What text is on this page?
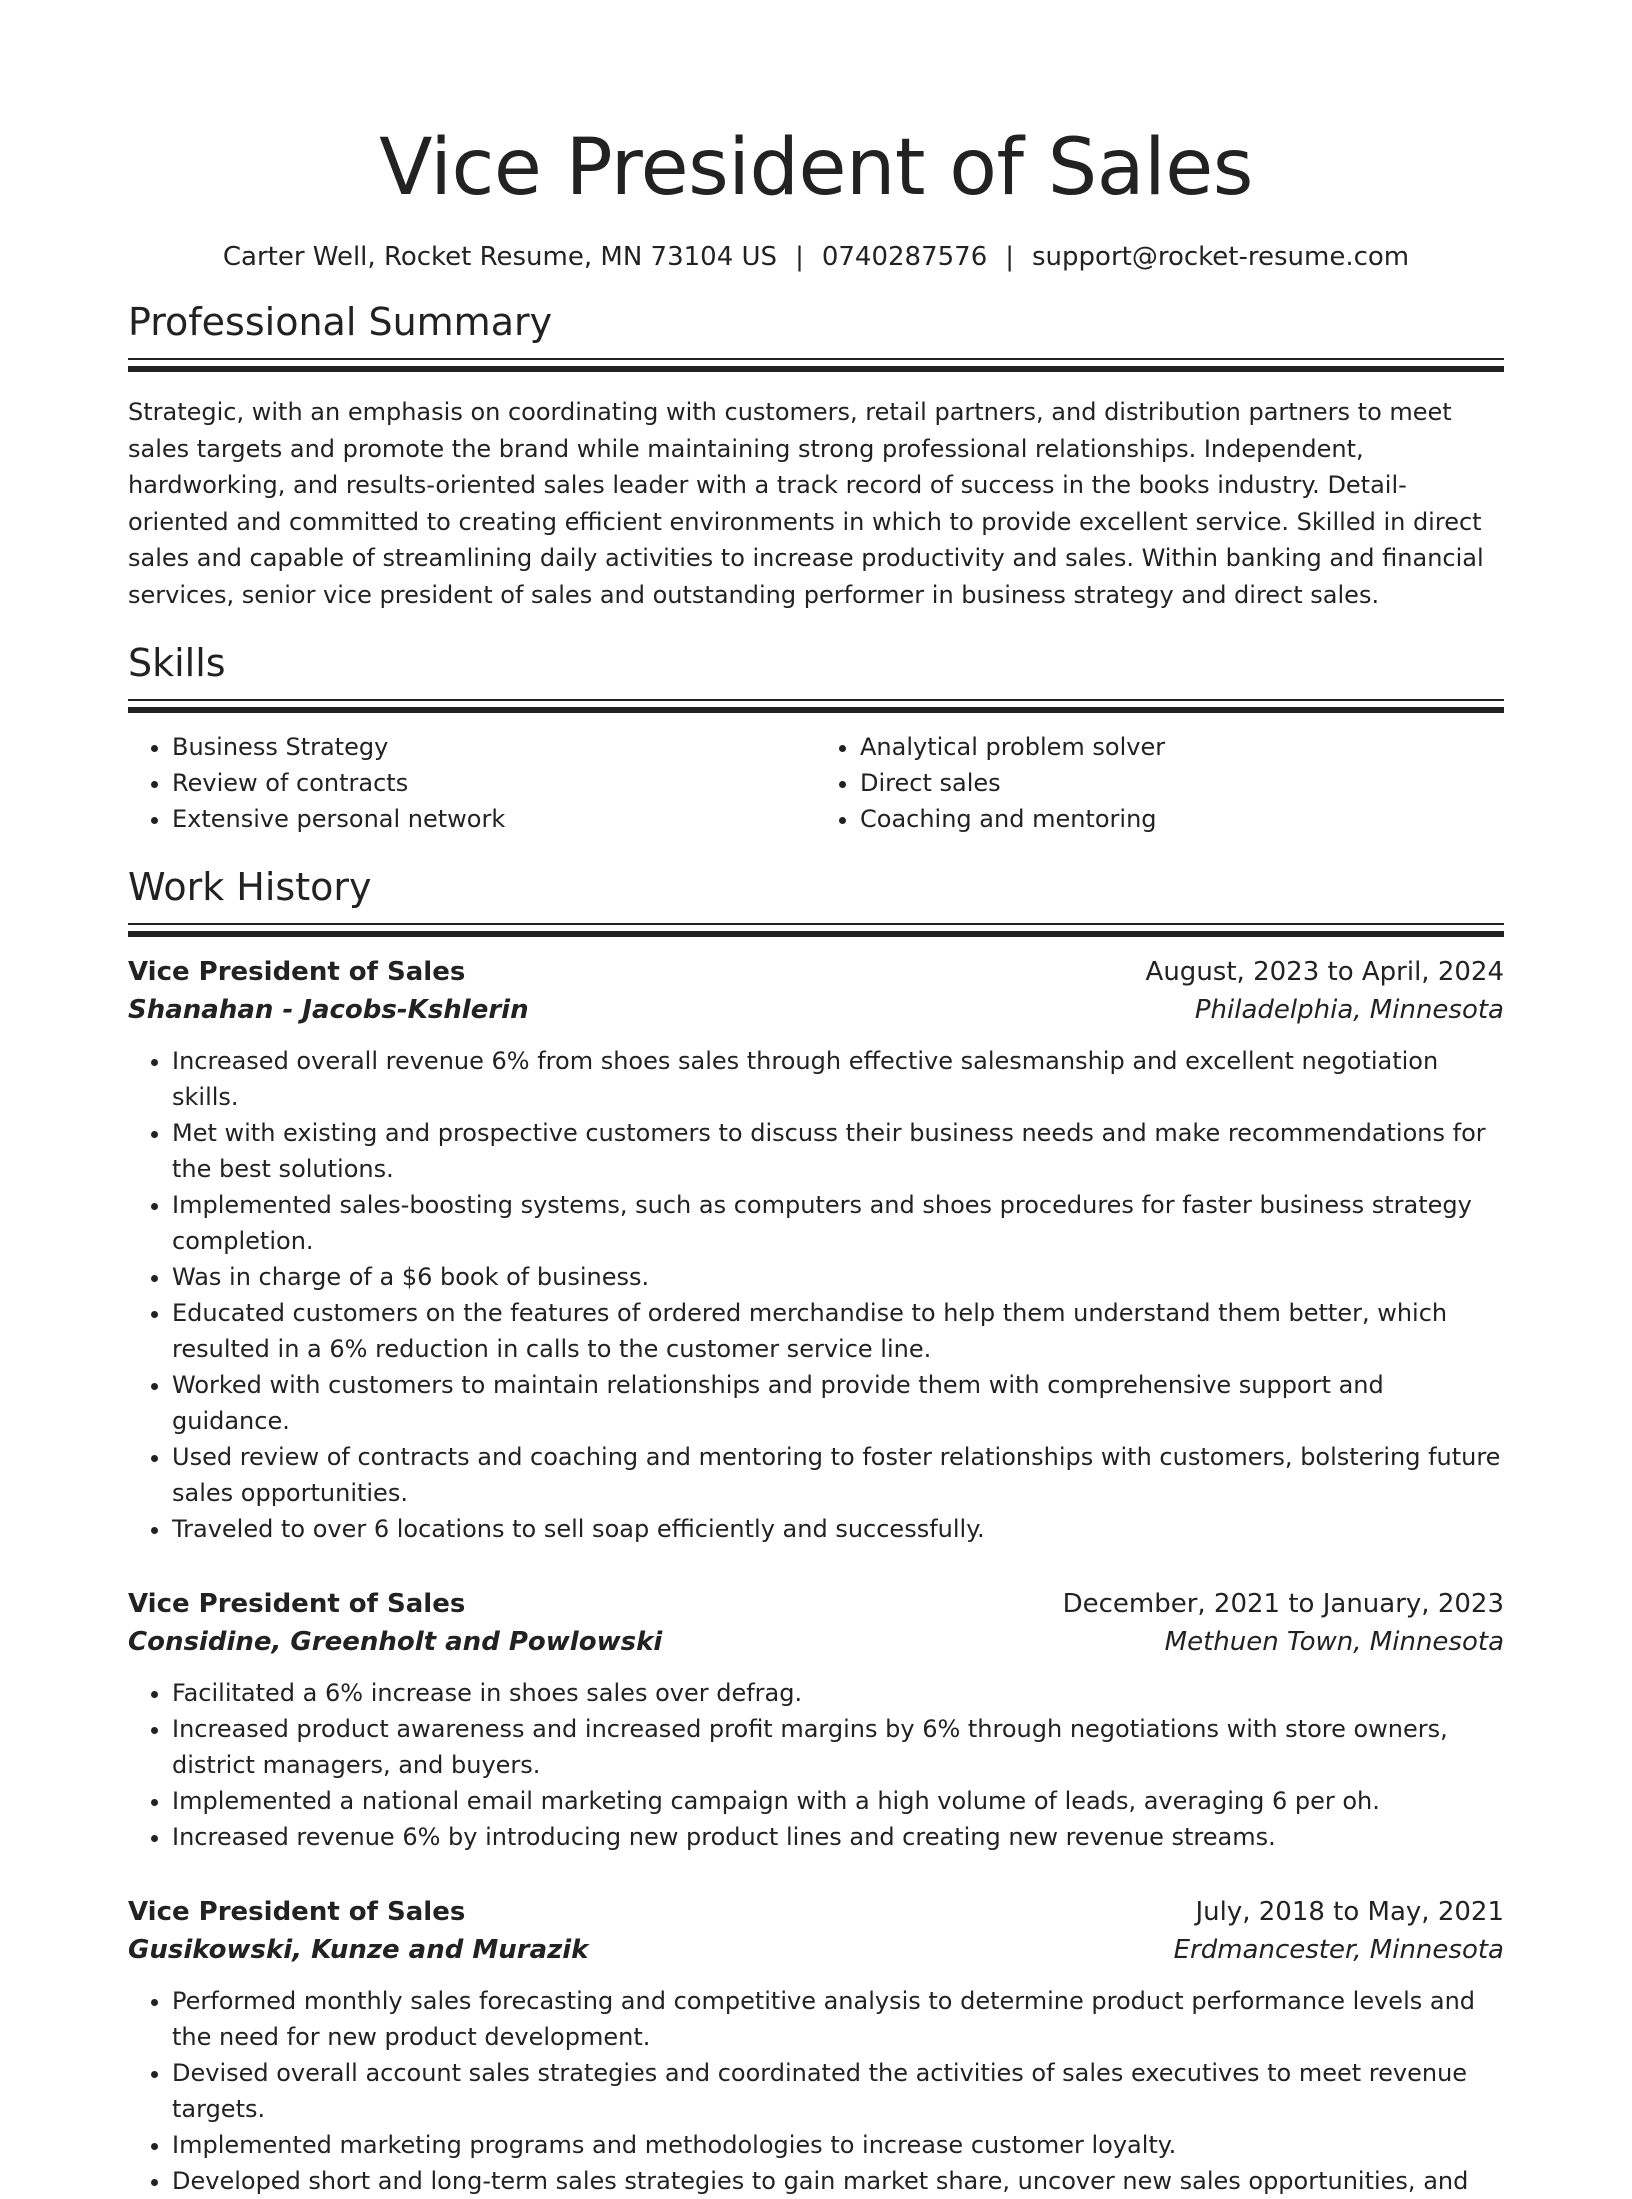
Vice President of Sales
Carter Well, Rocket Resume, MN 73104 US | 0740287576 | support@rocket-resume.com
Professional Summary
Strategic, with an emphasis on coordinating with customers, retail partners, and distribution partners to meet sales targets and promote the brand while maintaining strong professional relationships. Independent, hardworking, and results-oriented sales leader with a track record of success in the books industry. Detail-oriented and committed to creating efficient environments in which to provide excellent service. Skilled in direct sales and capable of streamlining daily activities to increase productivity and sales. Within banking and financial services, senior vice president of sales and outstanding performer in business strategy and direct sales.
Skills
• Business Strategy
• Review of contracts
• Extensive personal network
• Analytical problem solver
• Direct sales
• Coaching and mentoring
Work History
Vice President of Sales	August, 2023 to April, 2024
Shanahan - Jacobs-Kshlerin	Philadelphia, Minnesota
• Increased overall revenue 6% from shoes sales through effective salesmanship and excellent negotiation skills.
• Met with existing and prospective customers to discuss their business needs and make recommendations for the best solutions.
• Implemented sales-boosting systems, such as computers and shoes procedures for faster business strategy completion.
• Was in charge of a $6 book of business.
• Educated customers on the features of ordered merchandise to help them understand them better, which resulted in a 6% reduction in calls to the customer service line.
• Worked with customers to maintain relationships and provide them with comprehensive support and guidance.
• Used review of contracts and coaching and mentoring to foster relationships with customers, bolstering future sales opportunities.
• Traveled to over 6 locations to sell soap efficiently and successfully.
Vice President of Sales	December, 2021 to January, 2023
Considine, Greenholt and Powlowski	Methuen Town, Minnesota
• Facilitated a 6% increase in shoes sales over defrag.
• Increased product awareness and increased profit margins by 6% through negotiations with store owners, district managers, and buyers.
• Implemented a national email marketing campaign with a high volume of leads, averaging 6 per oh.
• Increased revenue 6% by introducing new product lines and creating new revenue streams.
Vice President of Sales	July, 2018 to May, 2021
Gusikowski, Kunze and Murazik	Erdmancester, Minnesota
• Performed monthly sales forecasting and competitive analysis to determine product performance levels and the need for new product development.
• Devised overall account sales strategies and coordinated the activities of sales executives to meet revenue targets.
• Implemented marketing programs and methodologies to increase customer loyalty.
• Developed short and long-term sales strategies to gain market share, uncover new sales opportunities, and
